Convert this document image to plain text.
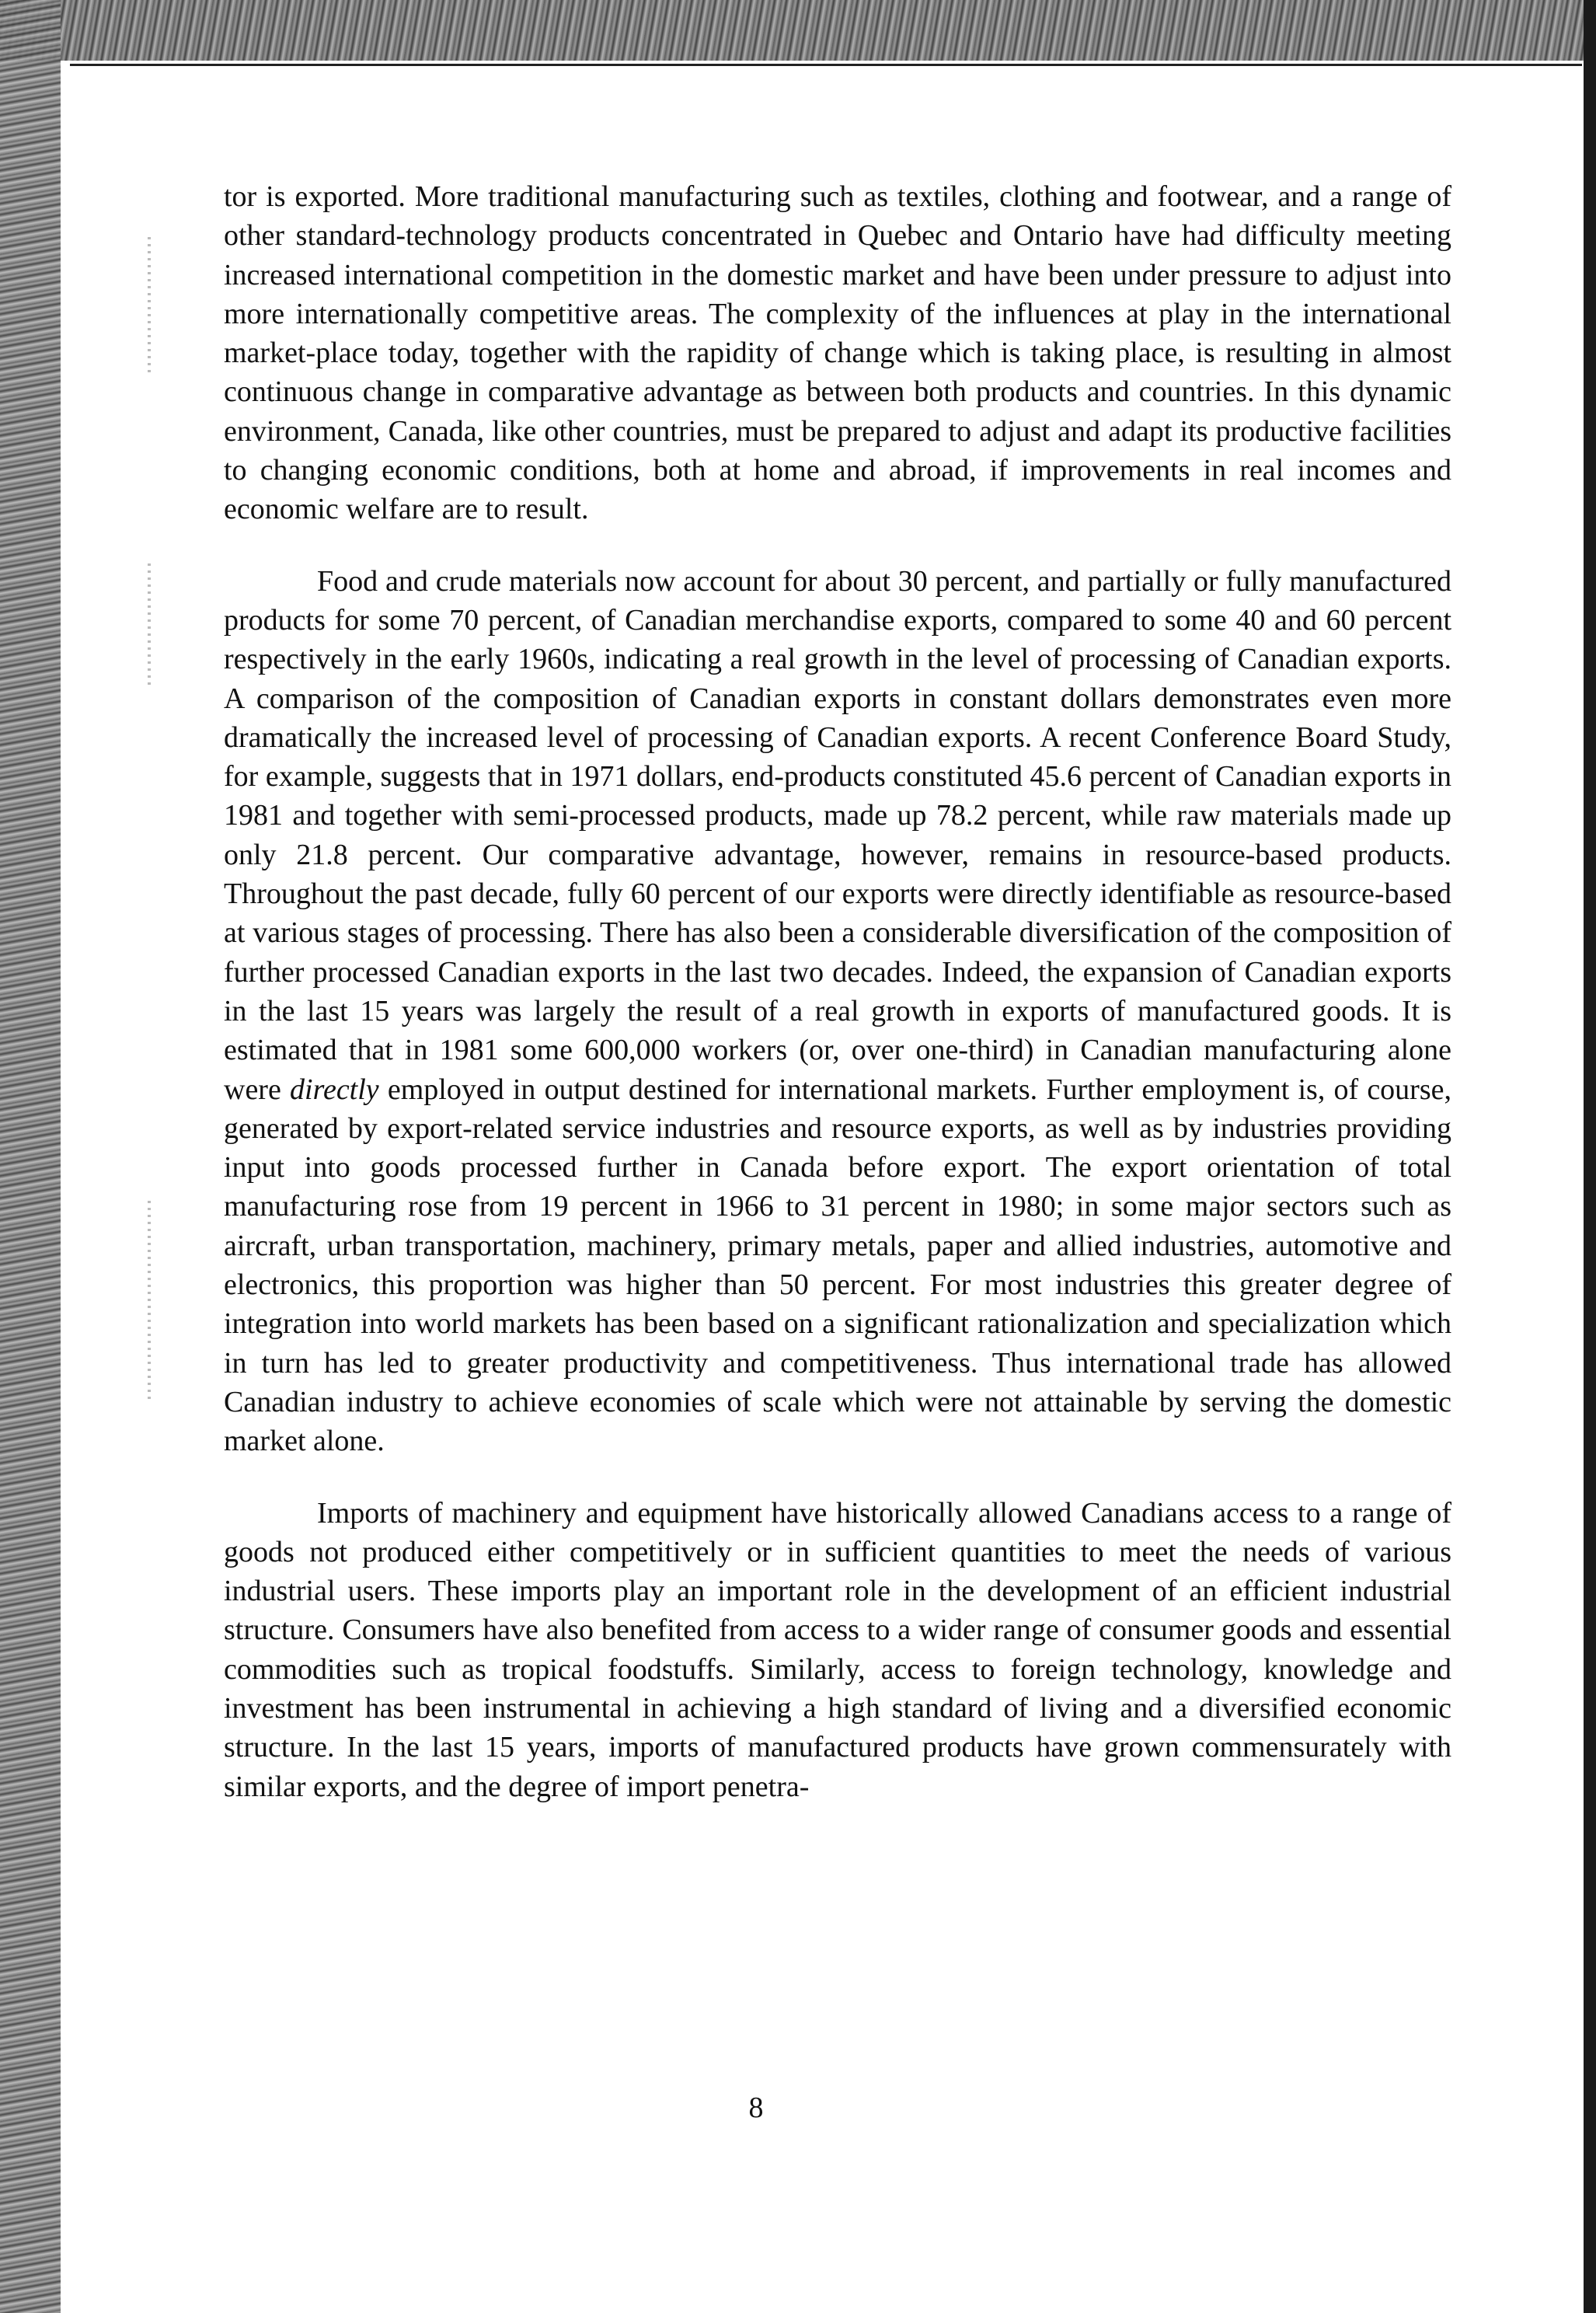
tor is exported. More traditional manufacturing such as textiles, clothing and footwear, and a range of other standard-technology products concentrated in Quebec and Ontario have had difficulty meeting increased international competition in the domestic market and have been under pressure to adjust into more internationally competitive areas. The complexity of the influences at play in the international market-place today, together with the rapidity of change which is taking place, is resulting in almost continuous change in comparative advantage as between both products and countries. In this dynamic environment, Canada, like other countries, must be prepared to adjust and adapt its productive facilities to changing economic conditions, both at home and abroad, if improvements in real incomes and economic welfare are to result.

Food and crude materials now account for about 30 percent, and partially or fully manufactured products for some 70 percent, of Canadian merchandise exports, compared to some 40 and 60 percent respectively in the early 1960s, indicating a real growth in the level of processing of Canadian exports. A comparison of the composition of Canadian exports in constant dollars demonstrates even more dramatically the increased level of processing of Canadian exports. A recent Conference Board Study, for example, suggests that in 1971 dollars, end-products constituted 45.6 percent of Canadian exports in 1981 and together with semi-processed products, made up 78.2 percent, while raw materials made up only 21.8 percent. Our comparative advantage, however, remains in resource-based products. Throughout the past decade, fully 60 percent of our exports were directly identifiable as resource-based at various stages of processing. There has also been a considerable diversification of the composition of further processed Canadian exports in the last two decades. Indeed, the expansion of Canadian exports in the last 15 years was largely the result of a real growth in exports of manufactured goods. It is estimated that in 1981 some 600,000 workers (or, over one-third) in Canadian manufacturing alone were directly employed in output destined for international markets. Further employment is, of course, generated by export-related service industries and resource exports, as well as by industries providing input into goods processed further in Canada before export. The export orientation of total manufacturing rose from 19 percent in 1966 to 31 percent in 1980; in some major sectors such as aircraft, urban transportation, machinery, primary metals, paper and allied industries, automotive and electronics, this proportion was higher than 50 percent. For most industries this greater degree of integration into world markets has been based on a significant rationalization and specialization which in turn has led to greater productivity and competitiveness. Thus international trade has allowed Canadian industry to achieve economies of scale which were not attainable by serving the domestic market alone.

Imports of machinery and equipment have historically allowed Canadians access to a range of goods not produced either competitively or in sufficient quantities to meet the needs of various industrial users. These imports play an important role in the development of an efficient industrial structure. Consumers have also benefited from access to a wider range of consumer goods and essential commodities such as tropical foodstuffs. Similarly, access to foreign technology, knowledge and investment has been instrumental in achieving a high standard of living and a diversified economic structure. In the last 15 years, imports of manufactured products have grown commensurately with similar exports, and the degree of import penetra-

8
